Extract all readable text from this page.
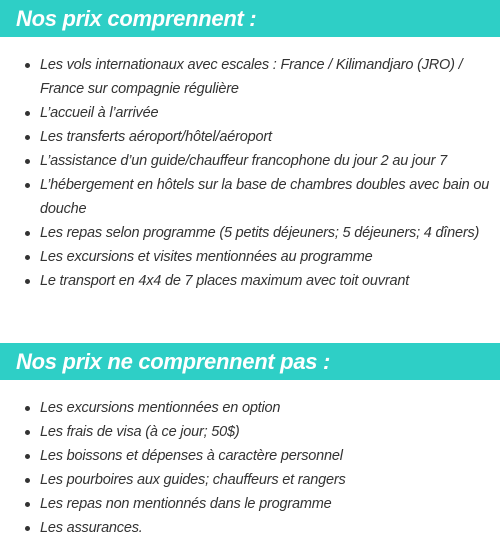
Nos prix comprennent :
Les vols internationaux avec escales : France / Kilimandjaro (JRO) / France sur compagnie régulière
L’accueil à l’arrivée
Les transferts aéroport/hôtel/aéroport
L’assistance d’un guide/chauffeur francophone du jour 2 au jour 7
L’hébergement en hôtels sur la base de chambres doubles avec bain ou douche
Les repas selon programme (5 petits déjeuners; 5 déjeuners; 4 dîners)
Les excursions et visites mentionnées au programme
Le transport en 4x4 de 7 places maximum avec toit ouvrant
Nos prix ne comprennent pas :
Les excursions mentionnées en option
Les frais de visa (à ce jour; 50$)
Les boissons et dépenses à caractère personnel
Les pourboires aux guides; chauffeurs et rangers
Les repas non mentionnés dans le programme
Les assurances.
